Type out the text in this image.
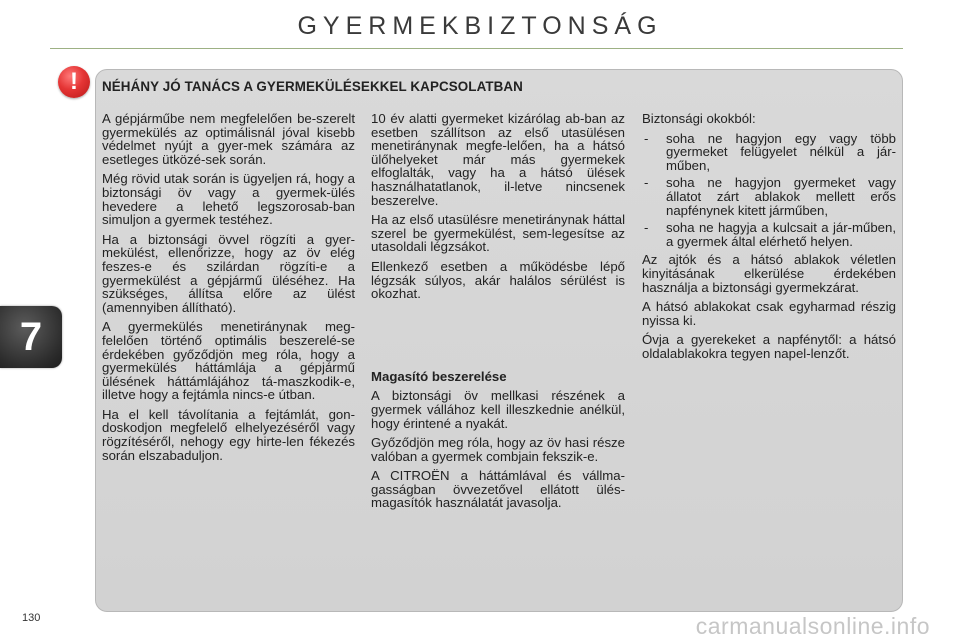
GYERMEKBIZTONSÁG
7
!	NÉHÁNY JÓ TANÁCS A GYERMEKÜLÉSEKKEL KAPCSOLATBAN

A gépjárműbe nem megfelelően be-szerelt gyermekülés az optimálisnál jóval kisebb védelmet nyújt a gyer-mek számára az esetleges ütközé-sek során.

Még rövid utak során is ügyeljen rá, hogy a biztonsági öv vagy a gyermek-ülés hevedere a lehető legszorosab-ban simuljon a gyermek testéhez.

Ha a biztonsági övvel rögzíti a gyer-mekülést, ellenőrizze, hogy az öv elég feszes-e és szilárdan rögzíti-e a gyermekülést a gépjármű üléséhez. Ha szükséges, állítsa előre az ülést (amennyiben állítható).

A gyermekülés menetiránynak meg-felelően történő optimális beszerelé-se érdekében győződjön meg róla, hogy a gyermekülés háttámlája a gépjármű ülésének háttámlájához tá-maszkodik-e, illetve hogy a fejtámla nincs-e útban.

Ha el kell távolítania a fejtámlát, gon-doskodjon megfelelő elhelyezéséről vagy rögzítéséről, nehogy egy hirte-len fékezés során elszabaduljon.

10 év alatti gyermeket kizárólag ab-ban az esetben szállítson az első utasülésen menetiránynak megfe-lelően, ha a hátsó ülőhelyeket már más gyermekek elfoglalták, vagy ha a hátsó ülések használhatatlanok, il-letve nincsenek beszerelve.

Ha az első utasülésre menetiránynak háttal szerel be gyermekülést, sem-legesítse az utasoldali légzsákot.

Ellenkező esetben a működésbe lépő légzsák súlyos, akár halálos sérülést is okozhat.

Magasító beszerelése

A biztonsági öv mellkasi részének a gyermek vállához kell illeszkednie anélkül, hogy érintené a nyakát.

Győződjön meg róla, hogy az öv hasi része valóban a gyermek combjain fekszik-e.

A CITROËN a háttámlával és vállma-gasságban övvezetővel ellátott ülés-magasítók használatát javasolja.

Biztonsági okokból:

- soha ne hagyjon egy vagy több gyermeket felügyelet nélkül a jár-műben,
- soha ne hagyjon gyermeket vagy állatot zárt ablakok mellett erős napfénynek kitett járműben,
- soha ne hagyja a kulcsait a jár-műben, a gyermek által elérhető helyen.

Az ajtók és a hátsó ablakok véletlen kinyitásának elkerülése érdekében használja a biztonsági gyermekzárat.

A hátsó ablakokat csak egyharmad részig nyissa ki.

Óvja a gyerekeket a napfénytől: a hátsó oldalablakokra tegyen napel-lenzőt.

130	carmanualsonline.info
